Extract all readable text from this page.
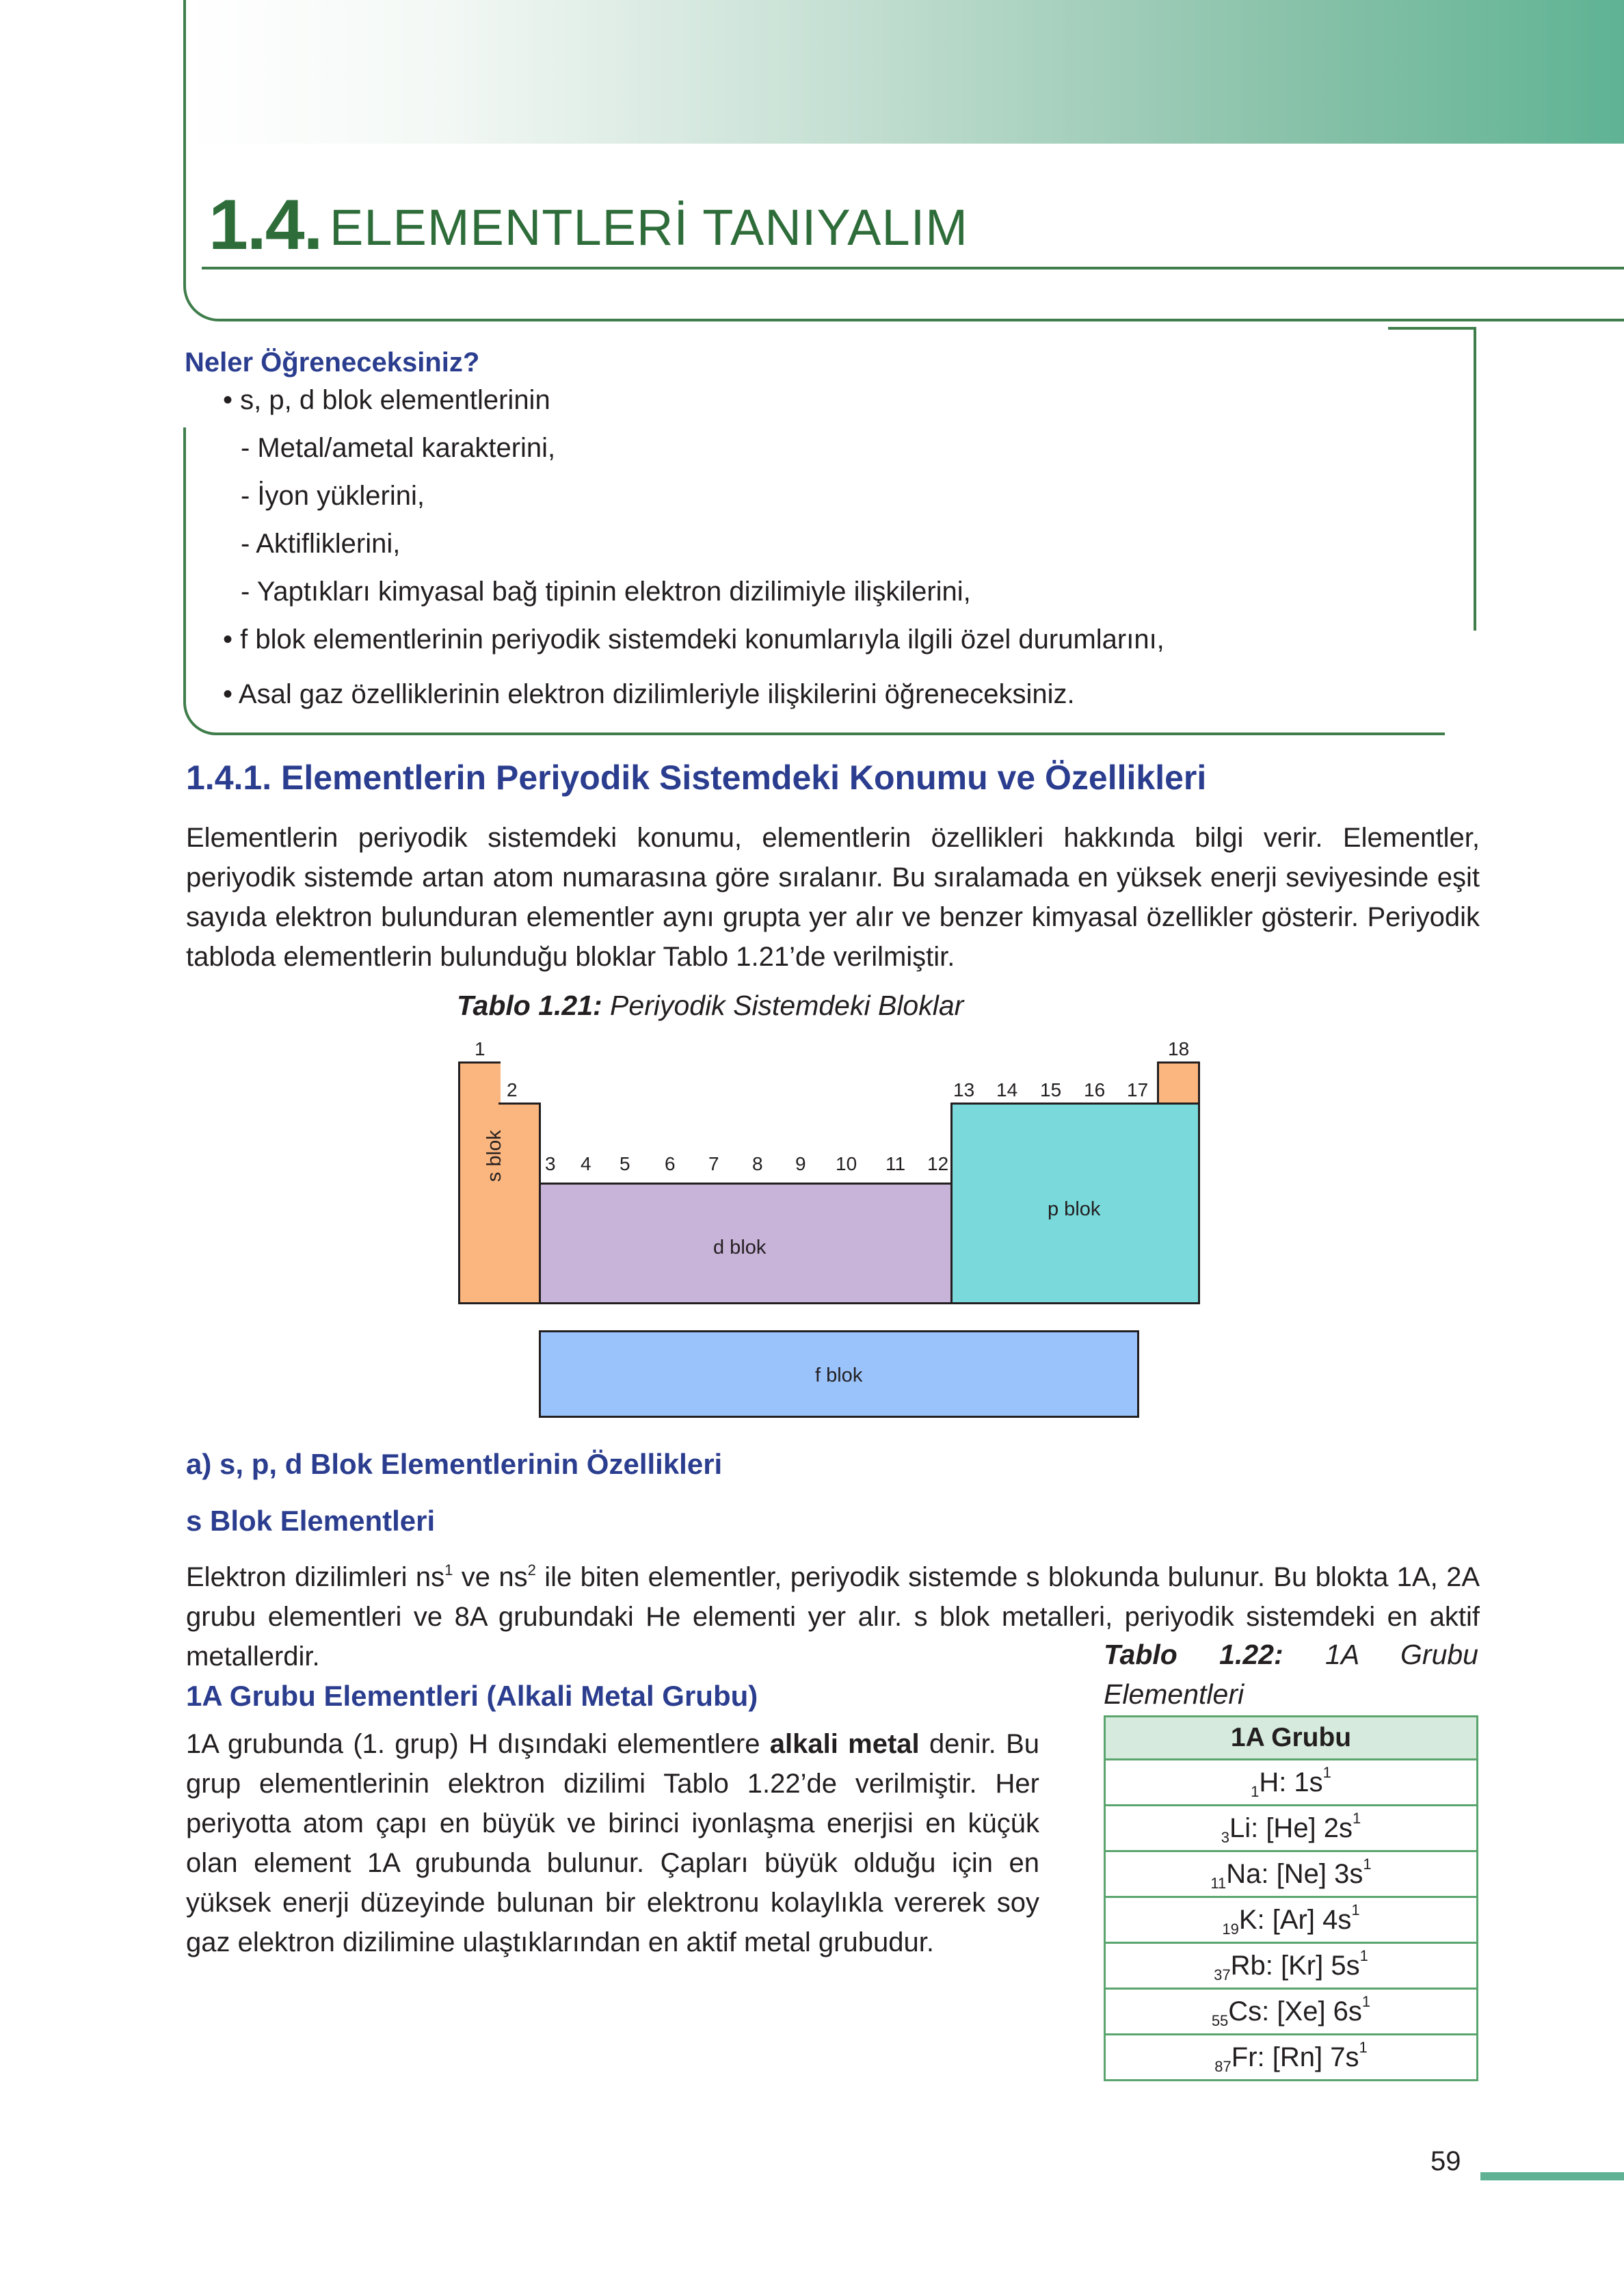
1.4. ELEMENTLERİ TANIYALIM
Neler Öğreneceksiniz?
• s, p, d blok elementlerinin
- Metal/ametal karakterini,
- İyon yüklerini,
- Aktifliklerini,
- Yaptıkları kimyasal bağ tipinin elektron dizilimiyle ilişkilerini,
• f blok elementlerinin periyodik sistemdeki konumlarıyla ilgili özel durumlarını,
• Asal gaz özelliklerinin elektron dizilimleriyle ilişkilerini öğreneceksiniz.
1.4.1. Elementlerin Periyodik Sistemdeki Konumu ve Özellikleri

Elementlerin periyodik sistemdeki konumu, elementlerin özellikleri hakkında bilgi verir. Elementler, periyodik sistemde artan atom numarasına göre sıralanır. Bu sıralamada en yüksek enerji seviyesinde eşit sayıda elektron bulunduran elementler aynı grupta yer alır ve benzer kimyasal özellikler gösterir. Periyodik tabloda elementlerin bulunduğu bloklar Tablo 1.21’de verilmiştir.

Tablo 1.21: Periyodik Sistemdeki Bloklar
s blok
d blok
p blok
f blok
1
2
3 4 5 6 7 8 9 10 11 12
13 14 15 16 17
18
a) s, p, d Blok Elementlerinin Özellikleri
s Blok Elementleri

Elektron dizilimleri $ns^1$ ve $ns^2$ ile biten elementler, periyodik sistemde s blokunda bulunur. Bu blokta 1A, 2A grubu elementleri ve 8A grubundaki He elementi yer alır. s blok metalleri, periyodik sistemdeki en aktif metallerdir.

1A Grubu Elementleri (Alkali Metal Grubu)

1A grubunda (1. grup) H dışındaki elementlere alkali metal denir. Bu grup elementlerinin elektron dizilimi Tablo 1.22’de verilmiştir. Her periyotta atom çapı en büyük ve birinci iyonlaşma enerjisi en küçük olan element 1A grubunda bulunur. Çapları büyük olduğu için en yüksek enerji düzeyinde bulunan bir elektronu kolaylıkla vererek soy gaz elektron dizilimine ulaştıklarından en aktif metal grubudur.

Tablo 1.22: 1A Grubu Elementleri
1A Grubu
$_1$H: $1s^1$
$_3$Li: [He] $2s^1$
$_{11}$Na: [Ne] $3s^1$
$_{19}$K: [Ar] $4s^1$
$_{37}$Rb: [Kr] $5s^1$
$_{55}$Cs: [Xe] $6s^1$
$_{87}$Fr: [Rn] $7s^1$
59
